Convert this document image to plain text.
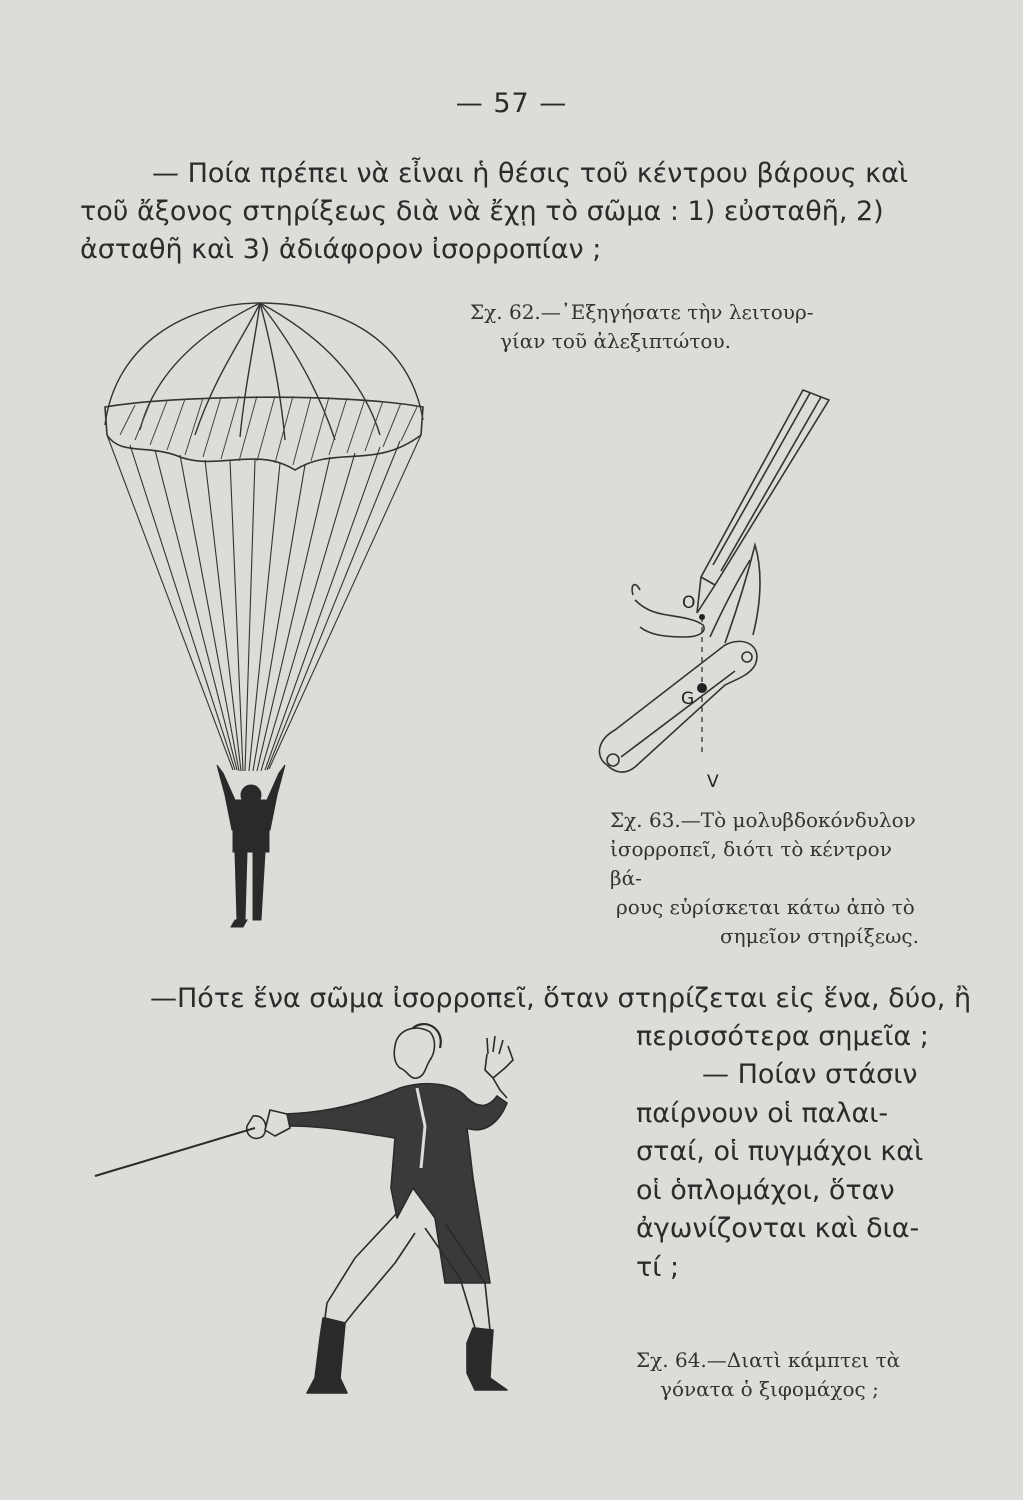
— 57 —
— Ποία πρέπει νὰ εἶναι ἡ θέσις τοῦ κέντρου βάρους καὶ
τοῦ ἄξονος στηρίξεως διὰ νὰ ἔχῃ τὸ σῶμα : 1) εὐσταθῆ, 2)
ἀσταθῆ καὶ 3) ἀδιάφορον ἰσορροπίαν ;
Σχ. 62.—᾿Εξηγήσατε τὴν λειτουρ-
γίαν τοῦ ἀλεξιπτώτου.
O
G
V
Σχ. 63.—Τὸ μολυβδοκόνδυλον
ἰσορροπεῖ, διότι τὸ κέντρον βά-
ρους εὑρίσκεται κάτω ἀπὸ τὸ
σημεῖον στηρίξεως.
—Πότε ἕνα σῶμα ἰσορροπεῖ, ὅταν στηρίζεται εἰς ἕνα, δύο, ἢ
περισσότερα σημεῖα ;
— Ποίαν στάσιν
παίρνουν οἱ παλαι-
σταί, οἱ πυγμάχοι καὶ
οἱ ὁπλομάχοι, ὅταν
ἀγωνίζονται καὶ δια-
τί ;
Σχ. 64.—Διατὶ κάμπτει τὰ
γόνατα ὁ ξιφομάχος ;
